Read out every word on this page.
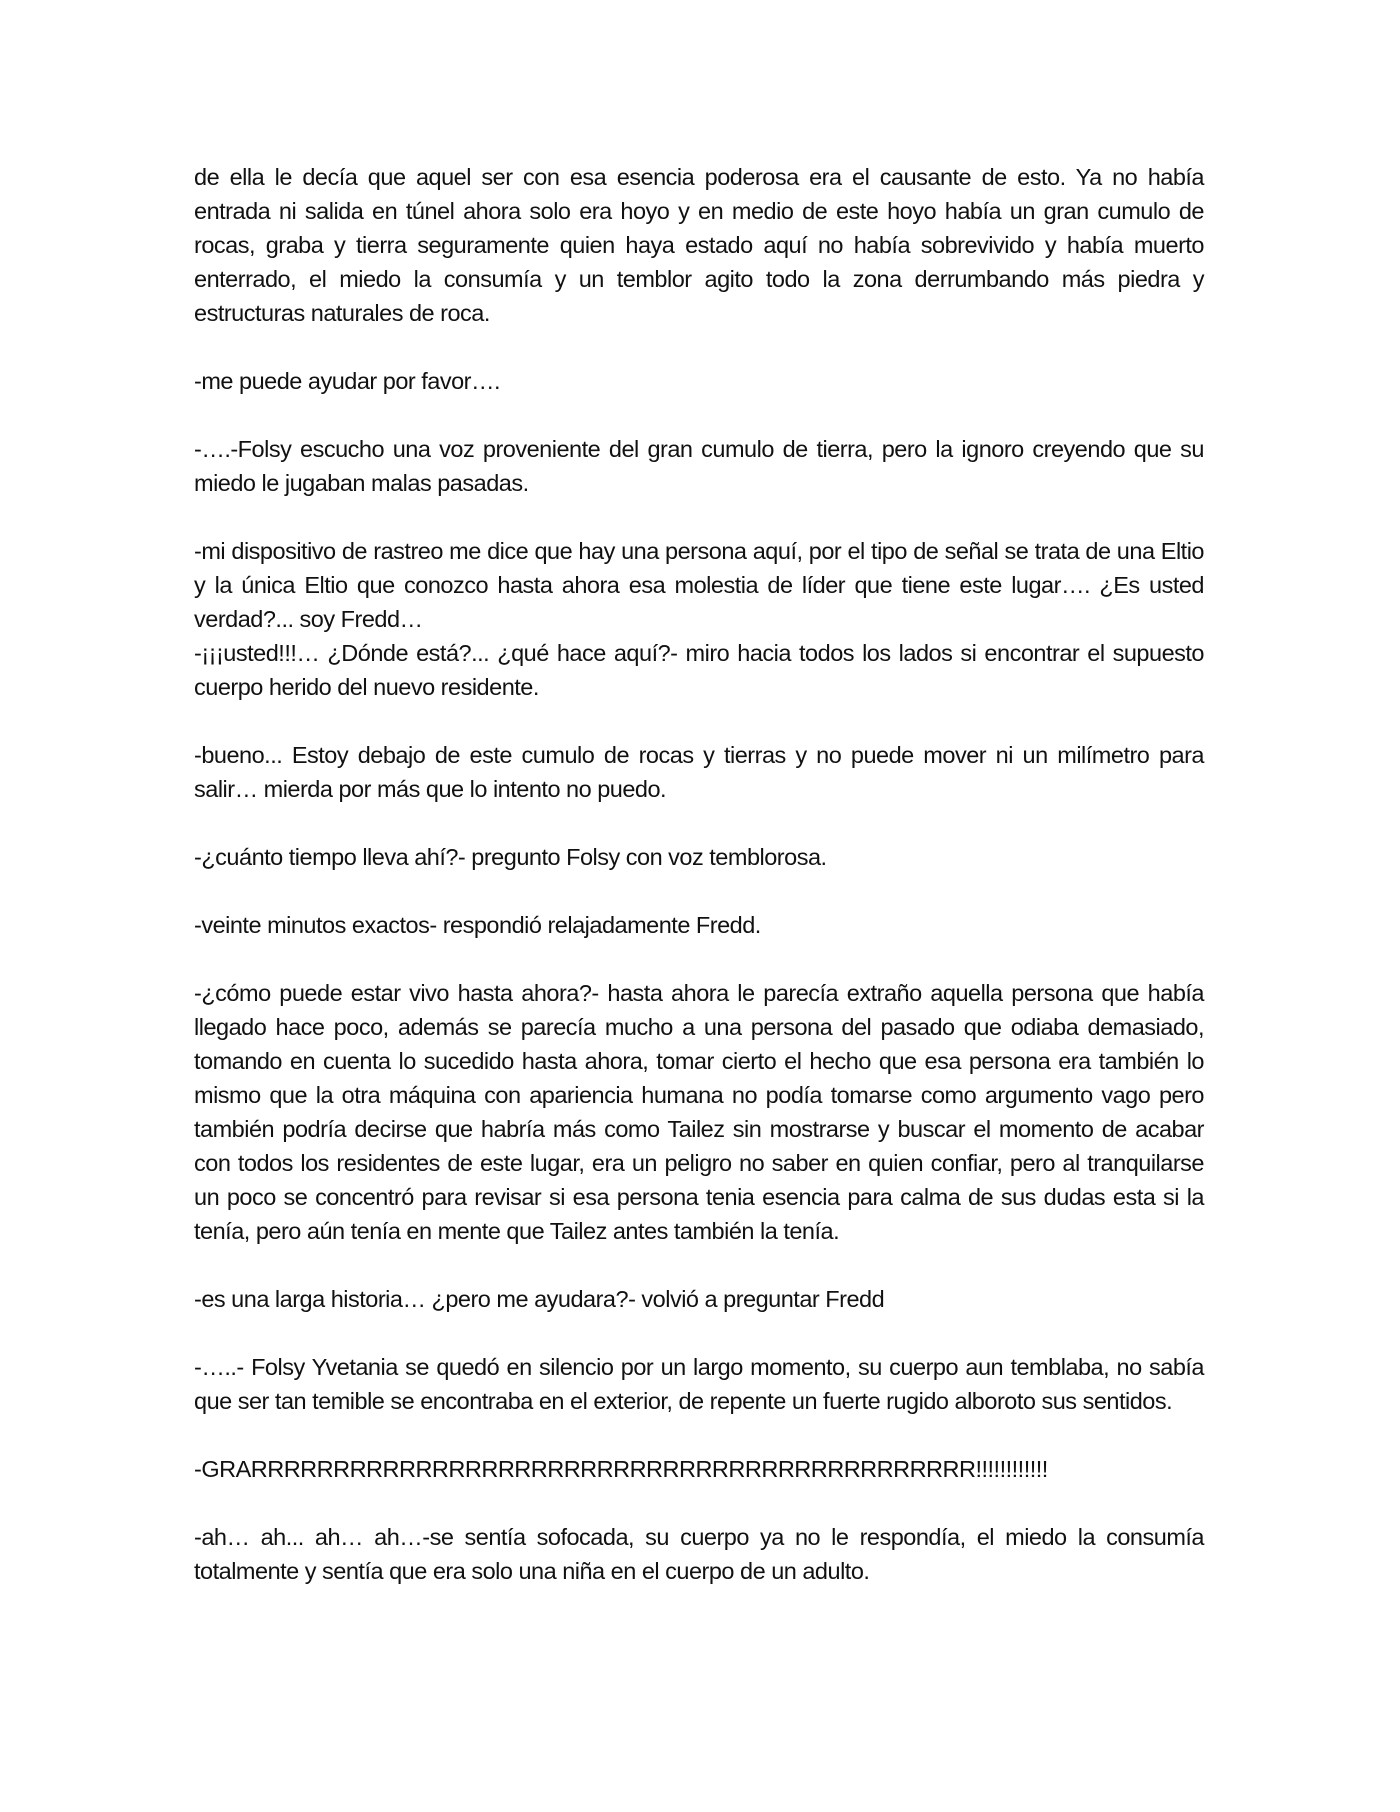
de ella le decía que aquel ser con esa esencia poderosa era el causante de esto. Ya no había entrada ni salida en túnel ahora solo era hoyo y en medio de este hoyo había un gran cumulo de rocas, graba y tierra seguramente quien haya estado aquí no había sobrevivido y había muerto enterrado, el miedo la consumía y un temblor agito todo la zona derrumbando más piedra y estructuras naturales de roca.

-me puede ayudar por favor….

-….-Folsy escucho una voz proveniente del gran cumulo de tierra, pero la ignoro creyendo que su miedo le jugaban malas pasadas.

-mi dispositivo de rastreo me dice que hay una persona aquí, por el tipo de señal se trata de una Eltio y la única Eltio que conozco hasta ahora esa molestia de líder que tiene este lugar…. ¿Es usted verdad?... soy Fredd…

-¡¡¡usted!!!… ¿Dónde está?... ¿qué hace aquí?- miro hacia todos los lados si encontrar el supuesto cuerpo herido del nuevo residente.

-bueno... Estoy debajo de este cumulo de rocas y tierras y no puede mover ni un milímetro para salir… mierda por más que lo intento no puedo.

-¿cuánto tiempo lleva ahí?- pregunto Folsy con voz temblorosa.

-veinte minutos exactos- respondió relajadamente Fredd.

-¿cómo puede estar vivo hasta ahora?- hasta ahora le parecía extraño aquella persona que había llegado hace poco, además se parecía mucho a una persona del pasado que odiaba demasiado, tomando en cuenta lo sucedido hasta ahora, tomar cierto el hecho que esa persona era también lo mismo que la otra máquina con apariencia humana no podía tomarse como argumento vago pero también podría decirse que habría más como Tailez sin mostrarse y buscar el momento de acabar con todos los residentes de este lugar, era un peligro no saber en quien confiar, pero al tranquilarse un poco se concentró para revisar si esa persona tenia esencia para calma de sus dudas esta si la tenía, pero aún tenía en mente que Tailez antes también la tenía.

-es una larga historia… ¿pero me ayudara?- volvió a preguntar Fredd

-…..- Folsy Yvetania se quedó en silencio por un largo momento, su cuerpo aun temblaba, no sabía que ser tan temible se encontraba en el exterior, de repente un fuerte rugido alboroto sus sentidos.

-GRARRRRRRRRRRRRRRRRRRRRRRRRRRRRRRRRRRRRRRRRRRRR!!!!!!!!!!!!

-ah… ah... ah… ah…-se sentía sofocada, su cuerpo ya no le respondía, el miedo la consumía totalmente y sentía que era solo una niña en el cuerpo de un adulto.
